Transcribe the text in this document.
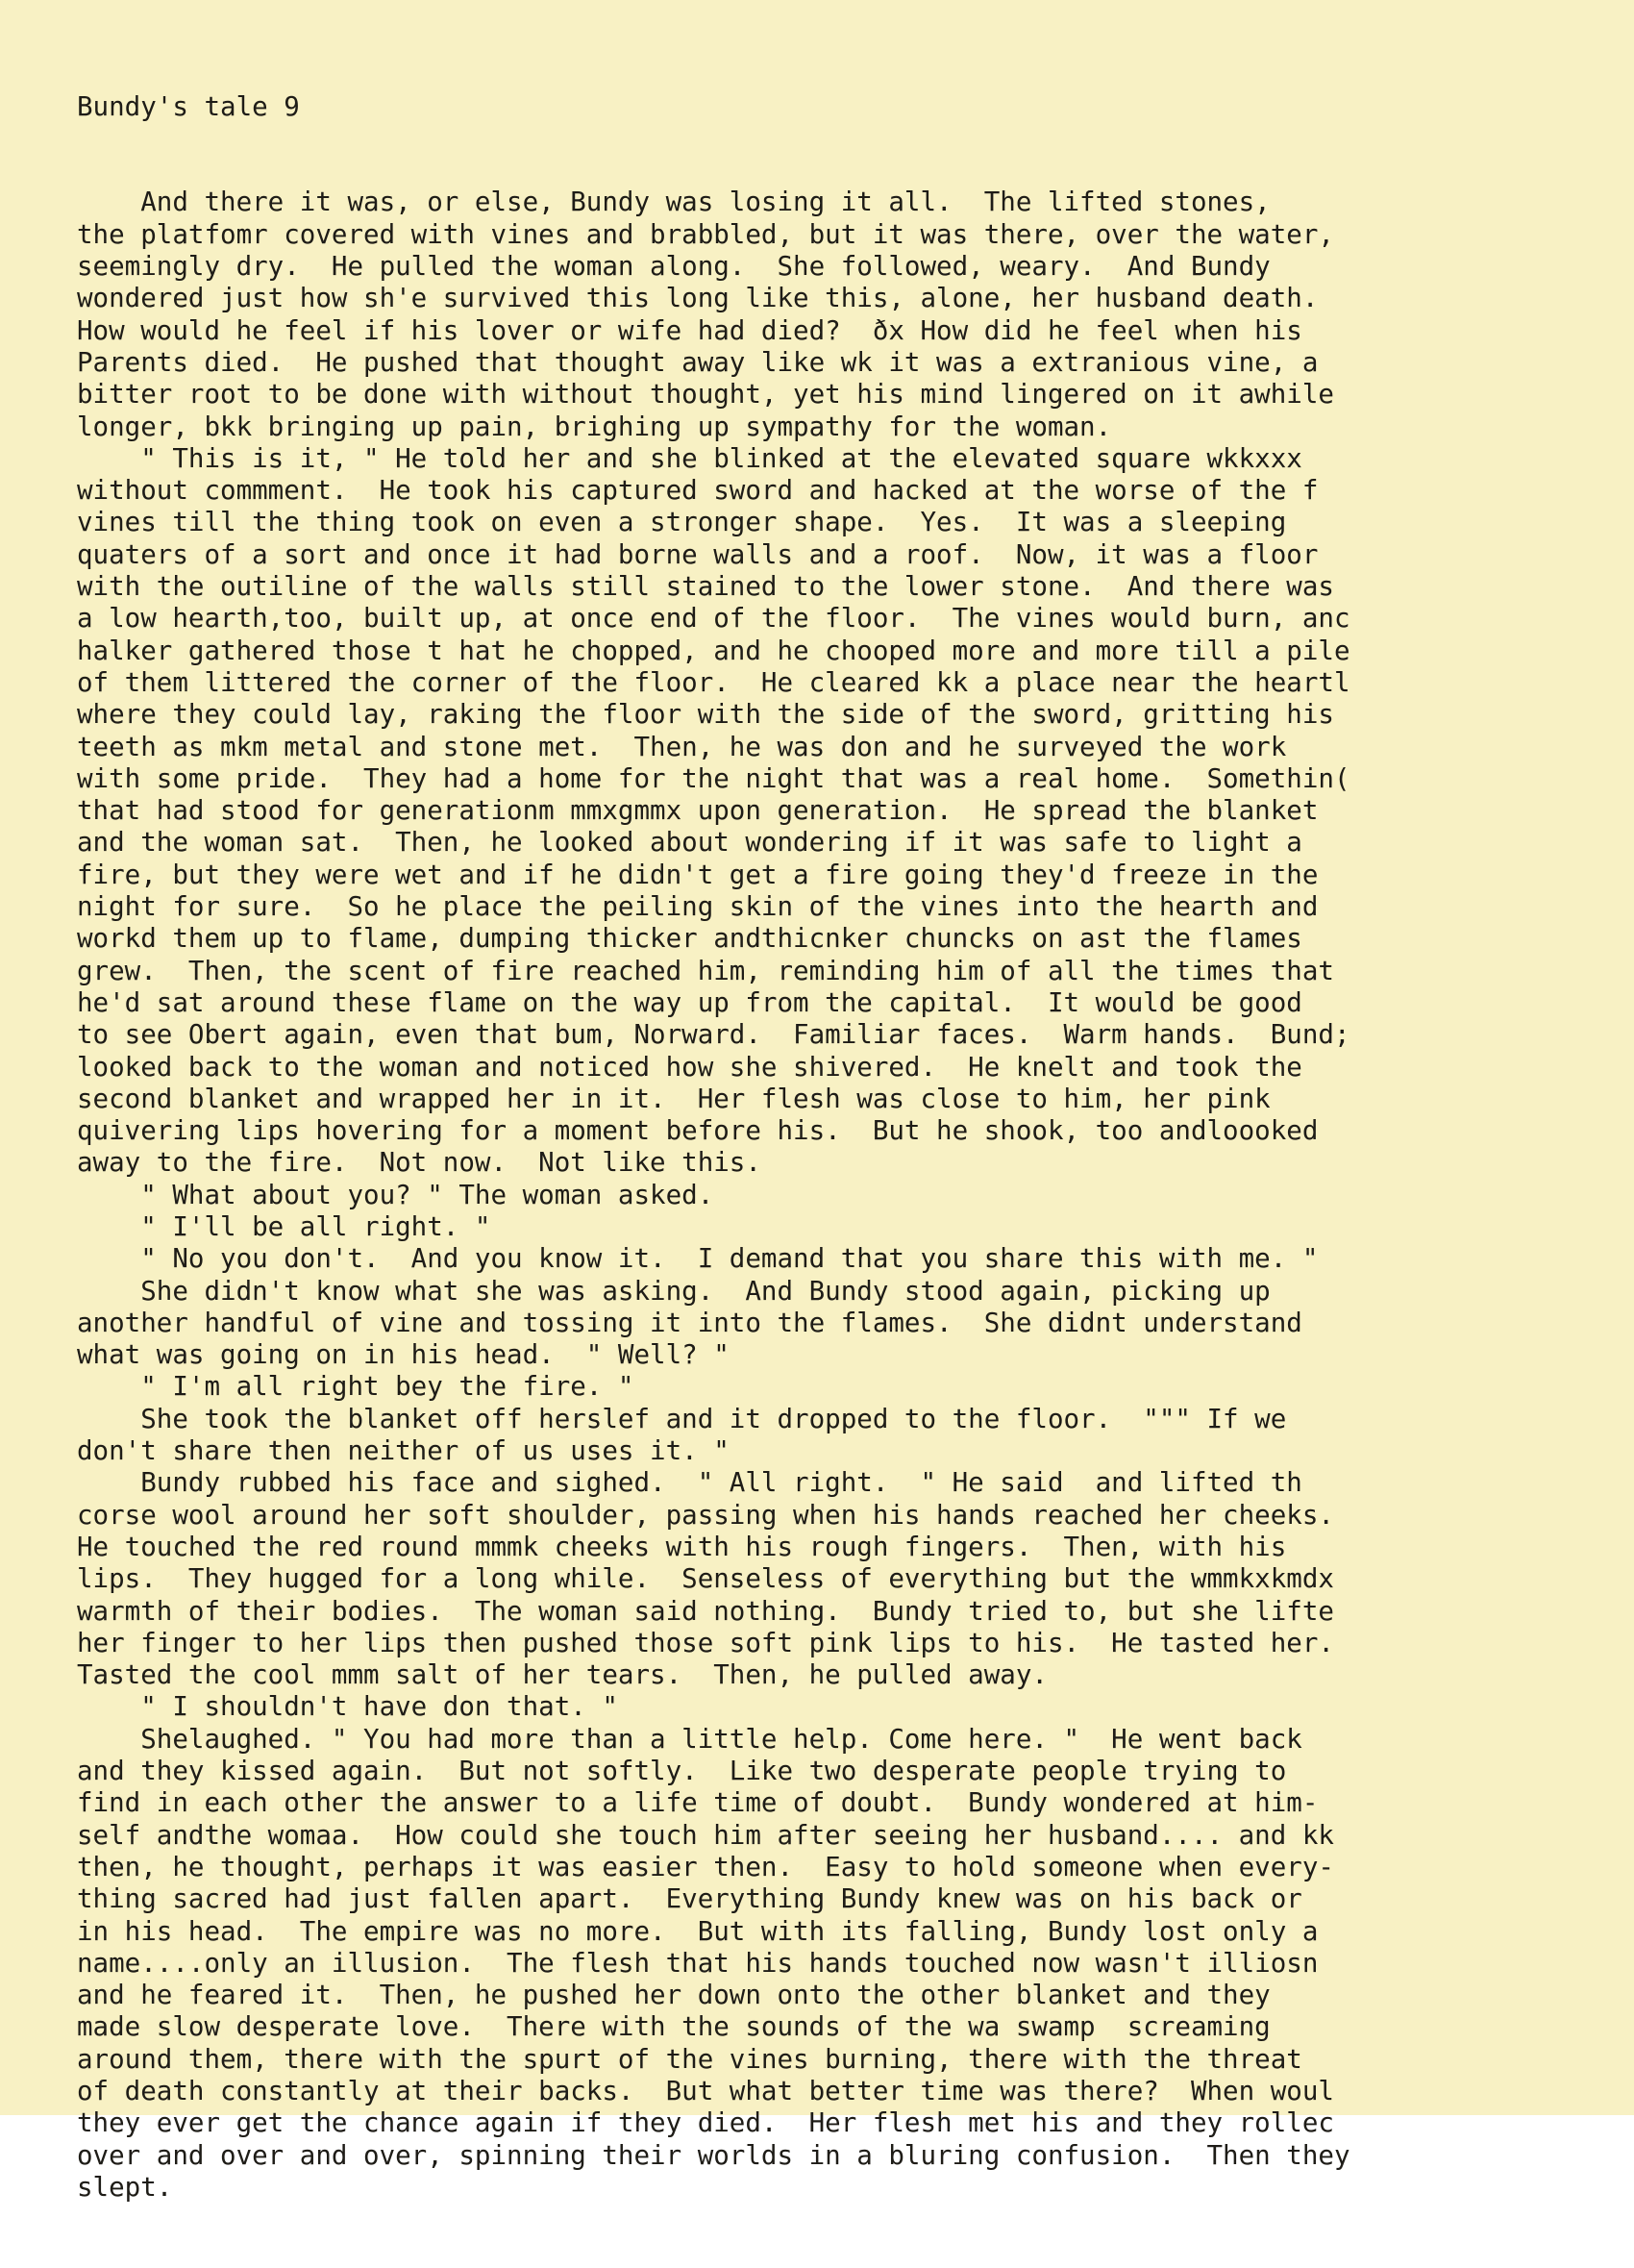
Bundy's tale 9

And there it was, or else, Bundy was losing it all.  The lifted stones,
the platfomr covered with vines and brabbled, but it was there, over the water,
seemingly dry.  He pulled the woman along.  She followed, weary.  And Bundy
wondered just how sh'e survived this long like this, alone, her husband death.
How would he feel if his lover or wife had died?  ðx How did he feel when his
Parents died.  He pushed that thought away like wk it was a extranious vine, a
bitter root to be done with without thought, yet his mind lingered on it awhile
longer, bkk bringing up pain, brighing up sympathy for the woman.
" This is it, " He told her and she blinked at the elevated square wkkxxx
without commment.  He took his captured sword and hacked at the worse of the f
vines till the thing took on even a stronger shape.  Yes.  It was a sleeping
quaters of a sort and once it had borne walls and a roof.  Now, it was a floor
with the outiline of the walls still stained to the lower stone.  And there was
a low hearth,too, built up, at once end of the floor.  The vines would burn, anc
halker gathered those t hat he chopped, and he chooped more and more till a pile
of them littered the corner of the floor.  He cleared kk a place near the heartl
where they could lay, raking the floor with the side of the sword, gritting his
teeth as mkm metal and stone met.  Then, he was don and he surveyed the work
with some pride.  They had a home for the night that was a real home.  Somethin(
that had stood for generationm mmxgmmx upon generation.  He spread the blanket
and the woman sat.  Then, he looked about wondering if it was safe to light a
fire, but they were wet and if he didn't get a fire going they'd freeze in the
night for sure.  So he place the peiling skin of the vines into the hearth and
workd them up to flame, dumping thicker andthicnker chuncks on ast the flames
grew.  Then, the scent of fire reached him, reminding him of all the times that
he'd sat around these flame on the way up from the capital.  It would be good
to see Obert again, even that bum, Norward.  Familiar faces.  Warm hands.  Bund;
looked back to the woman and noticed how she shivered.  He knelt and took the
second blanket and wrapped her in it.  Her flesh was close to him, her pink
quivering lips hovering for a moment before his.  But he shook, too andloooked
away to the fire.  Not now.  Not like this.
" What about you? " The woman asked.
" I'll be all right. "
" No you don't.  And you know it.  I demand that you share this with me. "
She didn't know what she was asking.  And Bundy stood again, picking up
another handful of vine and tossing it into the flames.  She didnt understand
what was going on in his head.  " Well? "
" I'm all right bey the fire. "
She took the blanket off herslef and it dropped to the floor.  """ If we
don't share then neither of us uses it. "
Bundy rubbed his face and sighed.  " All right.  " He said  and lifted th
corse wool around her soft shoulder, passing when his hands reached her cheeks.
He touched the red round mmmk cheeks with his rough fingers.  Then, with his
lips.  They hugged for a long while.  Senseless of everything but the wmmkxkmdx
warmth of their bodies.  The woman said nothing.  Bundy tried to, but she lifte
her finger to her lips then pushed those soft pink lips to his.  He tasted her.
Tasted the cool mmm salt of her tears.  Then, he pulled away.
" I shouldn't have don that. "
Shelaughed. " You had more than a little help. Come here. "  He went back
and they kissed again.  But not softly.  Like two desperate people trying to
find in each other the answer to a life time of doubt.  Bundy wondered at him-
self andthe womaa.  How could she touch him after seeing her husband.... and kk
then, he thought, perhaps it was easier then.  Easy to hold someone when every-
thing sacred had just fallen apart.  Everything Bundy knew was on his back or
in his head.  The empire was no more.  But with its falling, Bundy lost only a
name....only an illusion.  The flesh that his hands touched now wasn't illiosn
and he feared it.  Then, he pushed her down onto the other blanket and they
made slow desperate love.  There with the sounds of the wa swamp  screaming
around them, there with the spurt of the vines burning, there with the threat
of death constantly at their backs.  But what better time was there?  When woul
they ever get the chance again if they died.  Her flesh met his and they rollec
over and over and over, spinning their worlds in a bluring confusion.  Then they
slept.
